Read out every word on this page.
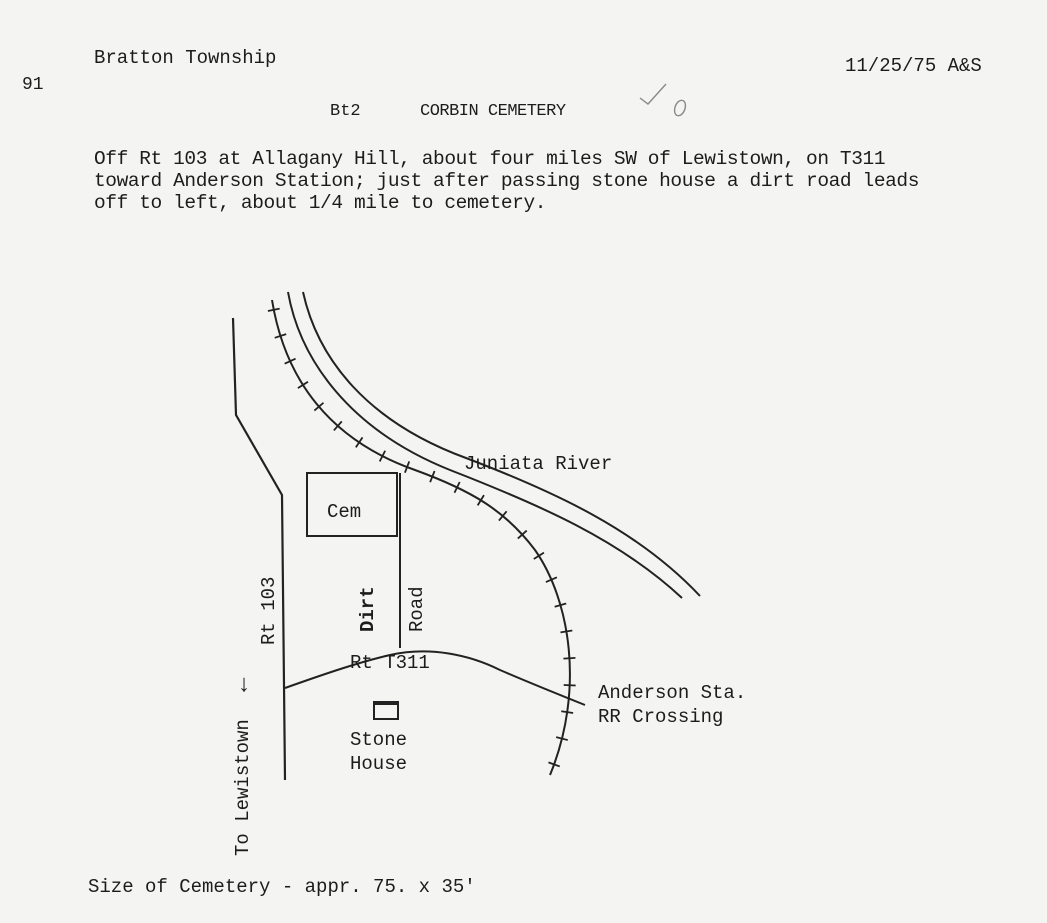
Bratton Township	11/25/75 A&S
91
Bt2	CORBIN CEMETERY
Juniata River
Cem
Rt 103	Dirt Road
Rt T311
Stone
House
Anderson Sta.
RR Crossing
To Lewistown
←
Off Rt 103 at Allagany Hill, about four miles SW of Lewistown, on T311
toward Anderson Station; just after passing stone house a dirt road leads
off to left, about 1/4 mile to cemetery.
Size of Cemetery - appr. 75. x 35'
